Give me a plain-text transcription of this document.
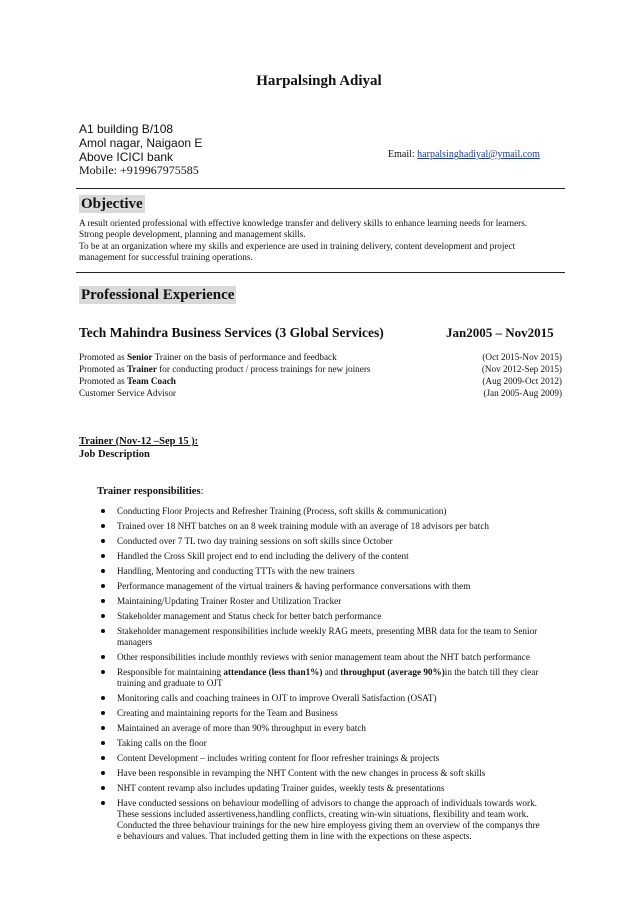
Harpalsingh Adiyal
A1 building B/108
Amol nagar, Naigaon E
Above ICICI bank
Mobile: +919967975585
Email: harpalsinghadiyal@ymail.com
Objective
A result oriented professional with effective knowledge transfer and delivery skills to enhance learning needs for learners.
Strong people development, planning and management skills.
To be at an organization where my skills and experience are used in training delivery, content development and project
management for successful training operations.
Professional Experience
Tech Mahindra Business Services (3 Global Services)	Jan2005 – Nov2015
Promoted as Senior Trainer on the basis of performance and feedback	(Oct 2015-Nov 2015)
Promoted as Trainer for conducting product / process trainings for new joiners	(Nov 2012-Sep 2015)
Promoted as Team Coach	(Aug 2009-Oct 2012)
Customer Service Advisor	(Jan 2005-Aug 2009)
Trainer (Nov-12 –Sep 15 ):
Job Description
Trainer responsibilities:
Conducting Floor Projects and Refresher Training (Process, soft skills & communication)
Trained over 18 NHT batches on an 8 week training module with an average of 18 advisors per batch
Conducted over 7 TL two day training sessions on soft skills since October
Handled the Cross Skill project end to end including the delivery of the content
Handling, Mentoring and conducting TTTs with the new trainers
Performance management of the virtual trainers & having performance conversations with them
Maintaining/Updating Trainer Roster and Utilization Tracker
Stakeholder management and Status check for better batch performance
Stakeholder management responsibilities include weekly RAG meets, presenting MBR data for the team to Senior
managers
Other responsibilities include monthly reviews with senior management team about the NHT batch performance
Responsible for maintaining attendance (less than1%) and throughput (average 90%)in the batch till they clear
training and graduate to OJT
Monitoring calls and coaching trainees in OJT to improve Overall Satisfaction (OSAT)
Creating and maintaining reports for the Team and Business
Maintained an average of more than 90% throughput in every batch
Taking calls on the floor
Content Development – includes writing content for floor refresher trainings & projects
Have been responsible in revamping the NHT Content with the new changes in process & soft skills
NHT content revamp also includes updating Trainer guides, weekly tests & presentations
Have conducted sessions on behaviour modelling of advisors to change the approach of individuals towards work.
These sessions included assertiveness,handling conflicts, creating win-win situations, flexibility and team work.
Conducted the three behaviour trainings for the new hire employess giving them an overview of the companys thre
e behaviours and values. That included getting them in line with the expections on these aspects.
